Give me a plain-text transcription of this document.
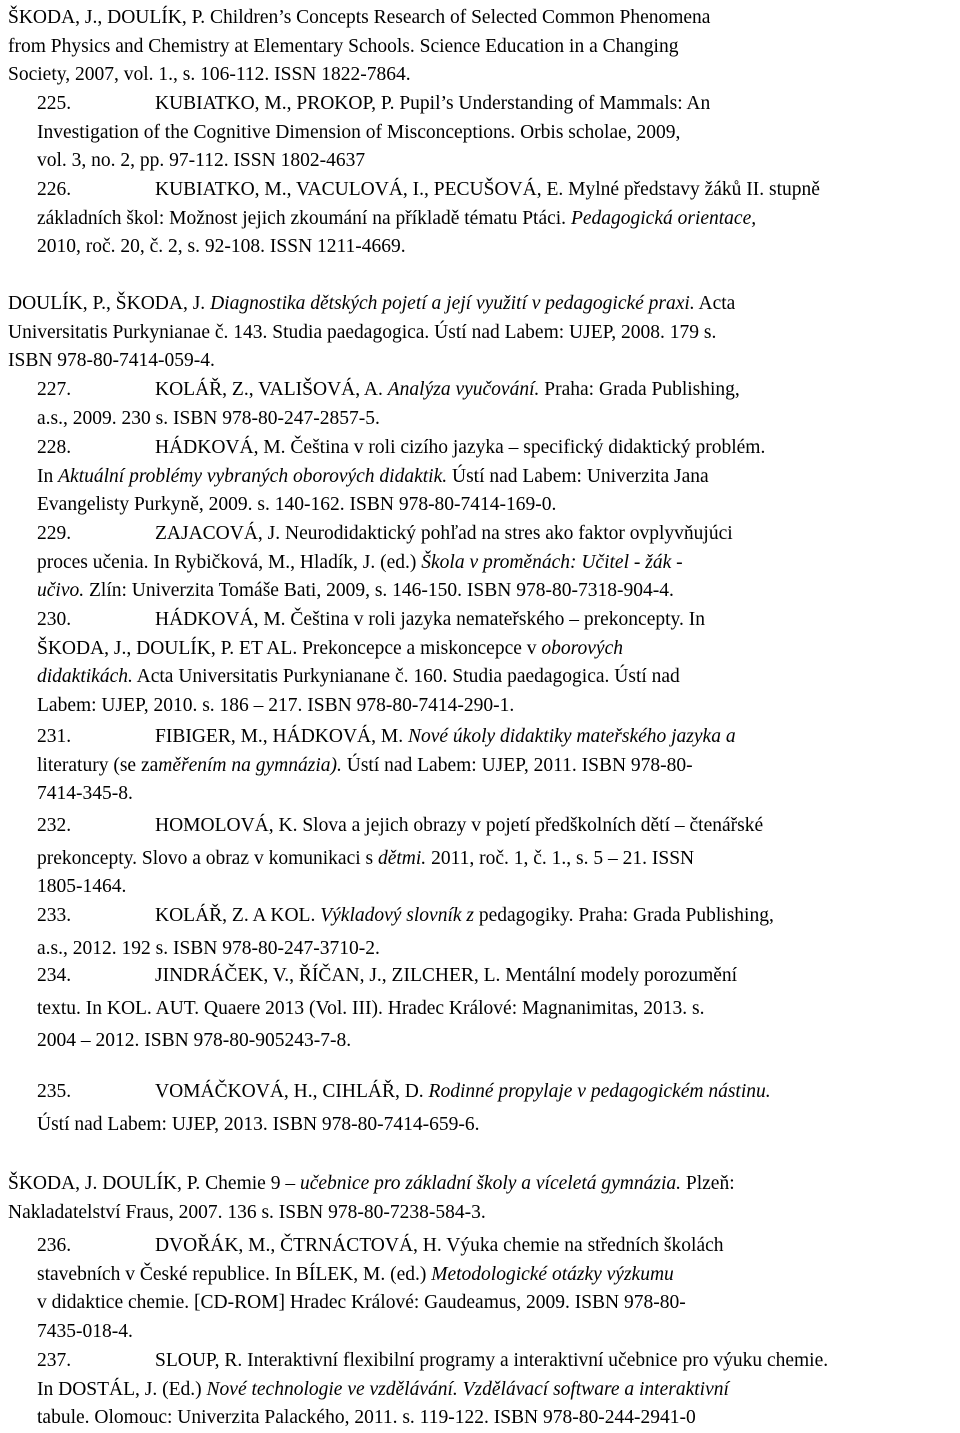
ŠKODA, J., DOULÍK, P. Children’s Concepts Research of Selected Common Phenomena
from Physics and Chemistry at Elementary Schools. Science Education in a Changing
Society, 2007, vol. 1., s. 106-112. ISSN 1822-7864.
225.	KUBIATKO, M., PROKOP, P. Pupil’s Understanding of Mammals: An
Investigation of the Cognitive Dimension of Misconceptions. Orbis scholae, 2009,
vol. 3, no. 2, pp. 97-112. ISSN 1802-4637
226.	KUBIATKO, M., VACULOVÁ, I., PECUŠOVÁ, E. Mylné představy žáků II. stupně
základních škol: Možnost jejich zkoumání na příkladě tématu Ptáci. Pedagogická orientace,
2010, roč. 20, č. 2, s. 92-108. ISSN 1211-4669.
DOULÍK, P., ŠKODA, J. Diagnostika dětských pojetí a její využití v pedagogické praxi. Acta
Universitatis Purkynianae č. 143. Studia paedagogica. Ústí nad Labem: UJEP, 2008. 179 s.
ISBN 978-80-7414-059-4.
227.	KOLÁŘ, Z., VALIŠOVÁ, A. Analýza vyučování. Praha: Grada Publishing,
a.s., 2009. 230 s. ISBN 978-80-247-2857-5.
228.	HÁDKOVÁ, M. Čeština v roli cizího jazyka – specifický didaktický problém.
In Aktuální problémy vybraných oborových didaktik. Ústí nad Labem: Univerzita Jana
Evangelisty Purkyně, 2009. s. 140-162. ISBN 978-80-7414-169-0.
229.	ZAJACOVÁ, J. Neurodidaktický pohľad na stres ako faktor ovplyvňujúci
proces učenia. In Rybičková, M., Hladík, J. (ed.) Škola v proměnách: Učitel - žák -
učivo. Zlín: Univerzita Tomáše Bati, 2009, s. 146-150. ISBN 978-80-7318-904-4.
230.	HÁDKOVÁ, M. Čeština v roli jazyka nemateřského – prekoncepty. In
ŠKODA, J., DOULÍK, P. ET AL. Prekoncepce a miskoncepce v oborových
didaktikách. Acta Universitatis Purkynianane č. 160. Studia paedagogica. Ústí nad
Labem: UJEP, 2010. s. 186 – 217. ISBN 978-80-7414-290-1.
231.	FIBIGER, M., HÁDKOVÁ, M. Nové úkoly didaktiky mateřského jazyka a
literatury (se zaměřením na gymnázia). Ústí nad Labem: UJEP, 2011. ISBN 978-80-
7414-345-8.
232.	HOMOLOVÁ, K. Slova a jejich obrazy v pojetí předškolních dětí – čtenářské
prekoncepty. Slovo a obraz v komunikaci s dětmi. 2011, roč. 1, č. 1., s. 5 – 21. ISSN
1805-1464.
233.	KOLÁŘ, Z. A KOL. Výkladový slovník z pedagogiky. Praha: Grada Publishing,
a.s., 2012. 192 s. ISBN 978-80-247-3710-2.
234.	JINDRÁČEK, V., ŘÍČAN, J., ZILCHER, L. Mentální modely porozumění
textu. In KOL. AUT. Quaere 2013 (Vol. III). Hradec Králové: Magnanimitas, 2013. s.
2004 – 2012. ISBN 978-80-905243-7-8.
235.	VOMÁČKOVÁ, H., CIHLÁŘ, D. Rodinné propylaje v pedagogickém nástinu.
Ústí nad Labem: UJEP, 2013. ISBN 978-80-7414-659-6.
ŠKODA, J. DOULÍK, P. Chemie 9 – učebnice pro základní školy a víceletá gymnázia. Plzeň:
Nakladatelství Fraus, 2007. 136 s. ISBN 978-80-7238-584-3.
236.	DVOŘÁK, M., ČTRNÁCTOVÁ, H. Výuka chemie na středních školách
stavebních v České republice. In BÍLEK, M. (ed.) Metodologické otázky výzkumu
v didaktice chemie. [CD-ROM] Hradec Králové: Gaudeamus, 2009. ISBN 978-80-
7435-018-4.
237.	SLOUP, R. Interaktivní flexibilní programy a interaktivní učebnice pro výuku chemie.
In DOSTÁL, J. (Ed.) Nové technologie ve vzdělávání. Vzdělávací software a interaktivní
tabule. Olomouc: Univerzita Palackého, 2011. s. 119-122. ISBN 978-80-244-2941-0
